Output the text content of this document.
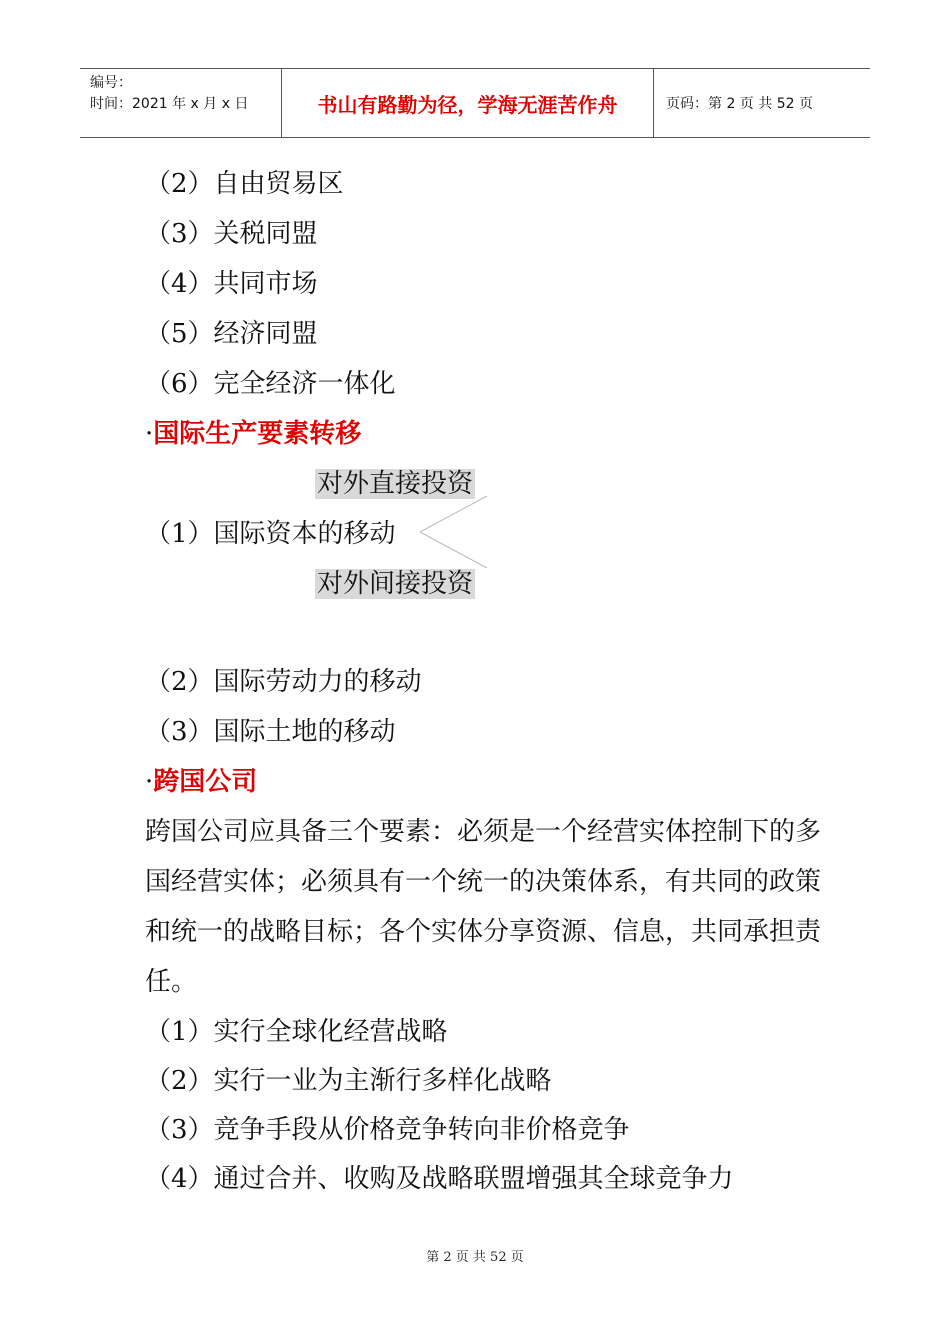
编号：
时间：2021 年 x 月 x 日	书山有路勤为径，学海无涯苦作舟	页码：第 2 页 共 52 页
（2）自由贸易区
（3）关税同盟
（4）共同市场
（5）经济同盟
（6）完全经济一体化
·国际生产要素转移
对外直接投资
（1）国际资本的移动
对外间接投资
（2）国际劳动力的移动
（3）国际土地的移动
·跨国公司
跨国公司应具备三个要素：必须是一个经营实体控制下的多国经营实体；必须具有一个统一的决策体系，有共同的政策和统一的战略目标；各个实体分享资源、信息，共同承担责任。
（1）实行全球化经营战略
（2）实行一业为主渐行多样化战略
（3）竞争手段从价格竞争转向非价格竞争
（4）通过合并、收购及战略联盟增强其全球竞争力
第 2 页 共 52 页
